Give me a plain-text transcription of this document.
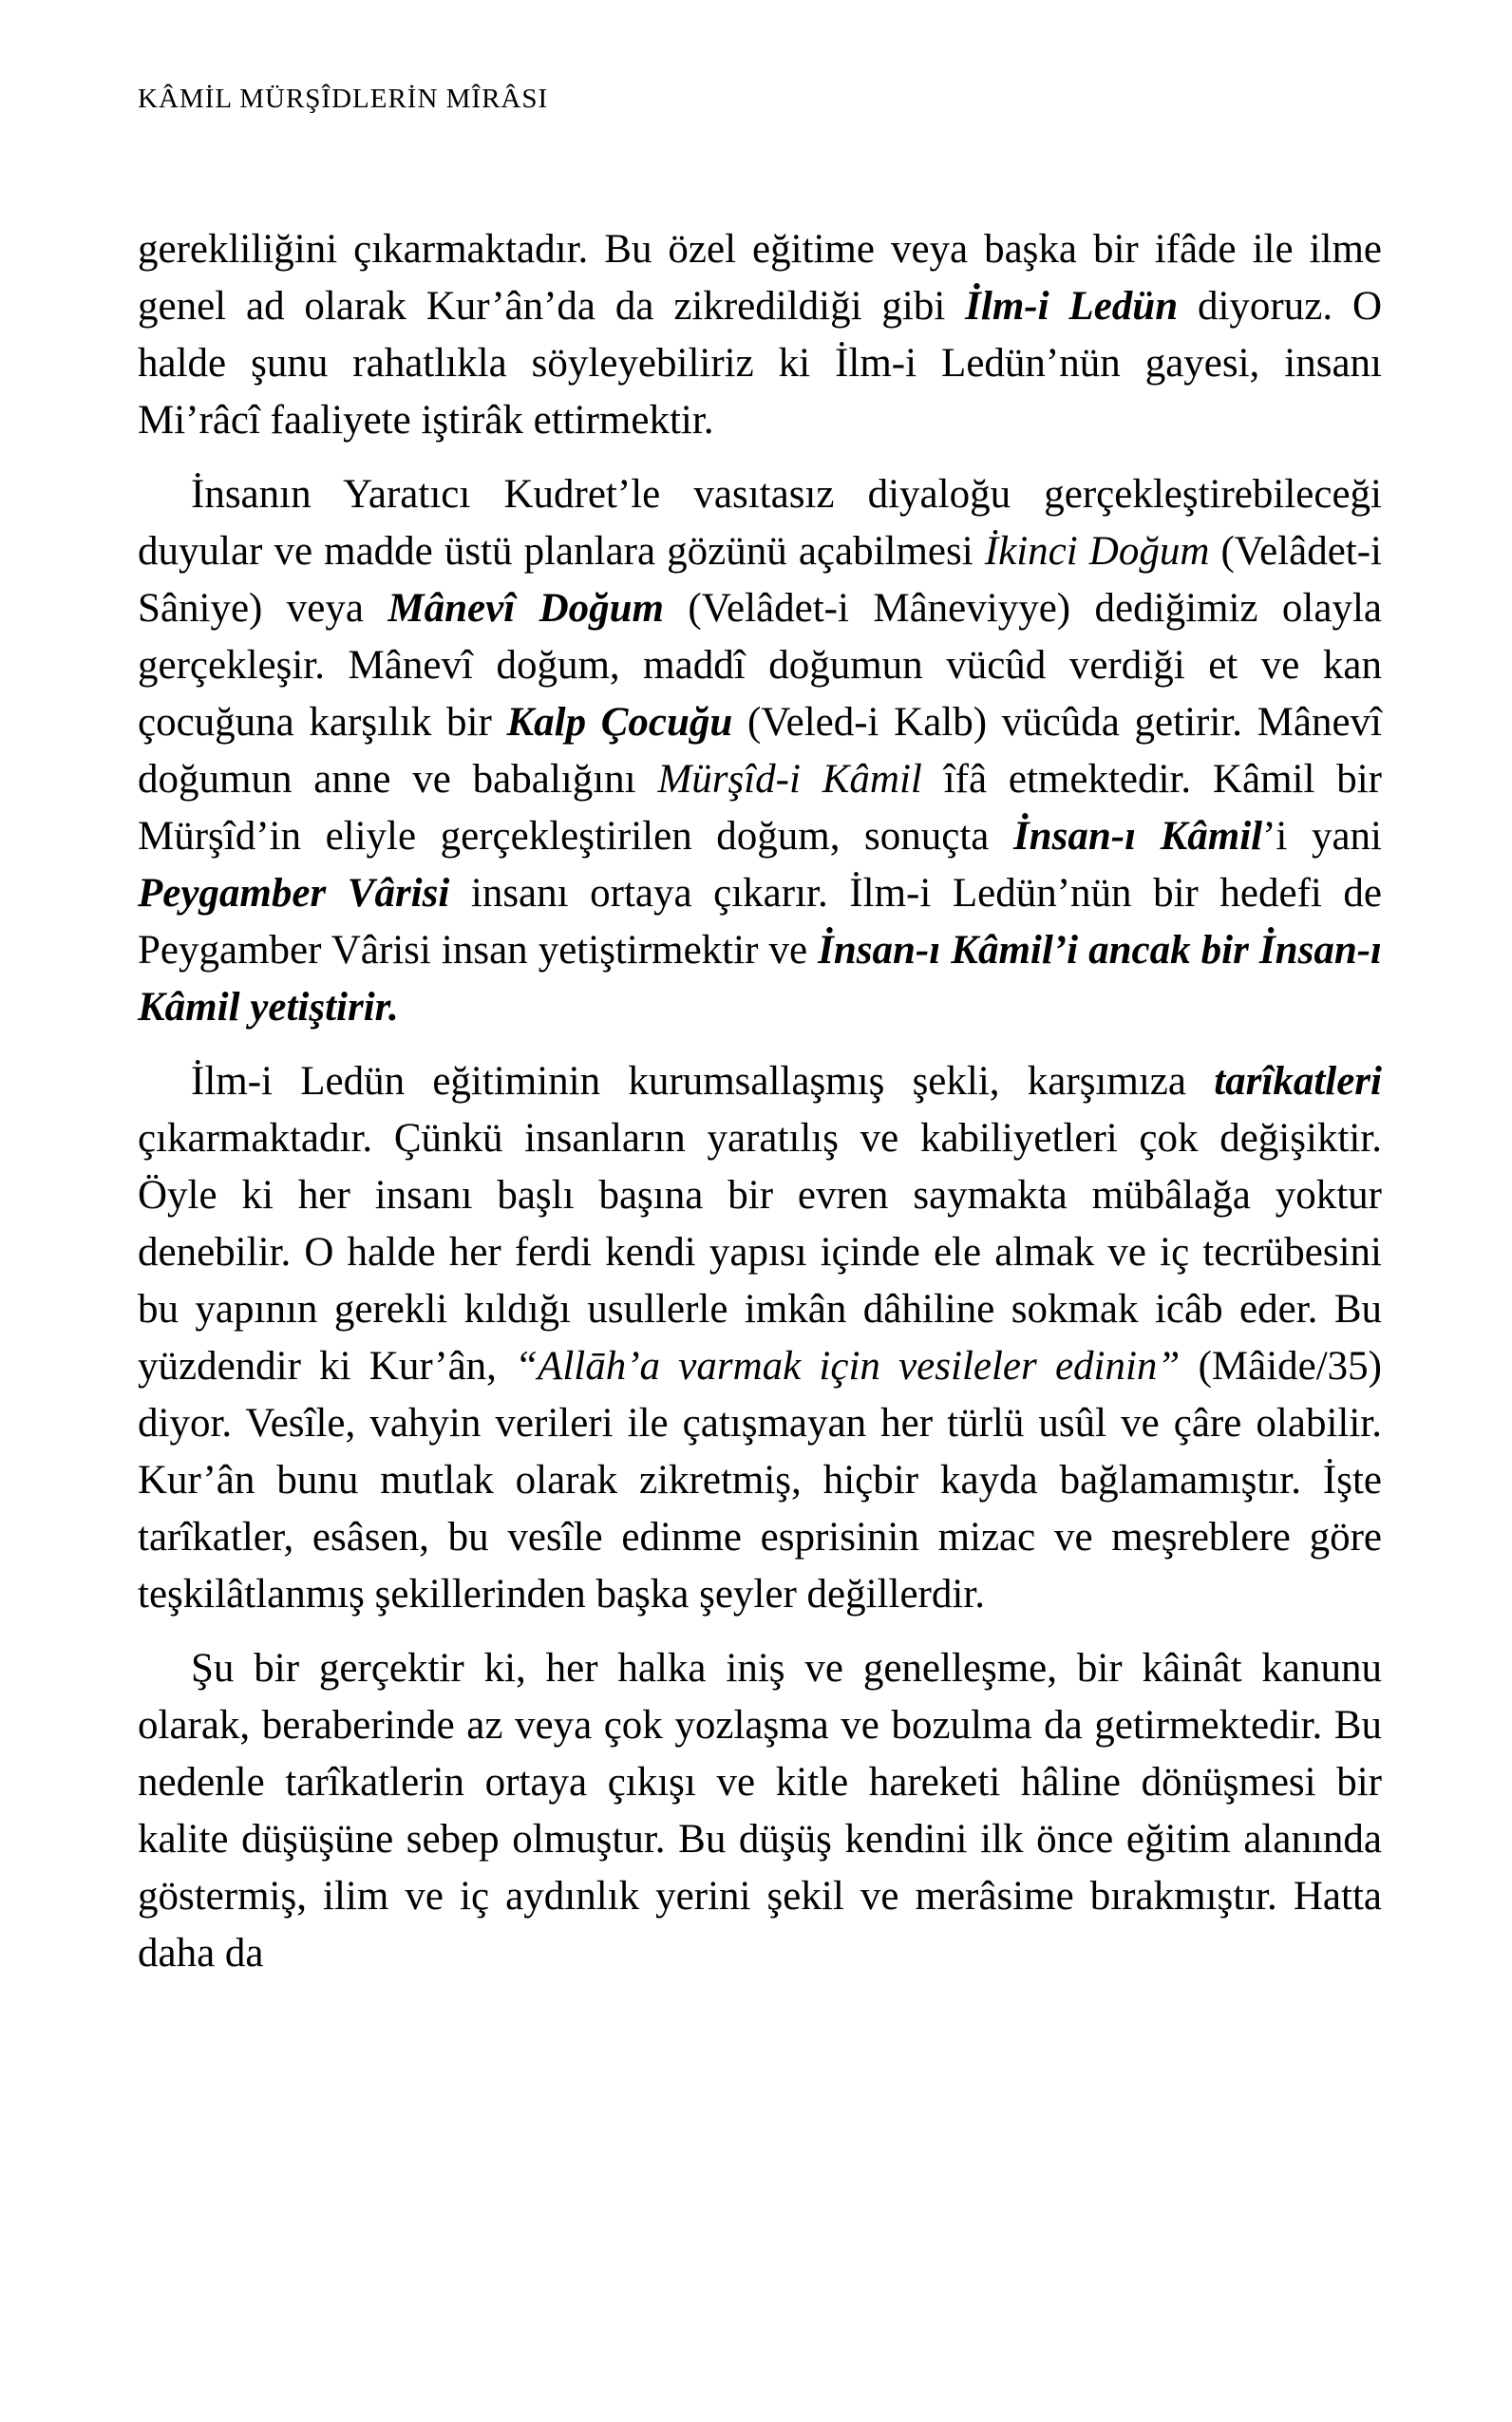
KÂMİL MÜRŞÎDLERİN MÎRÂSI

gerekliliğini çıkarmaktadır. Bu özel eğitime veya başka bir ifâde ile ilme genel ad olarak Kur’ân’da da zikredildiği gibi İlm-i Ledün diyoruz. O halde şunu rahatlıkla söyleyebiliriz ki İlm-i Ledün’nün gayesi, insanı Mi’râcî faaliyete iştirâk ettirmektir.

İnsanın Yaratıcı Kudret’le vasıtasız diyaloğu gerçekleştirebileceği duyular ve madde üstü planlara gözünü açabilmesi İkinci Doğum (Velâdet-i Sâniye) veya Mânevî Doğum (Velâdet-i Mâneviyye) dediğimiz olayla gerçekleşir. Mânevî doğum, maddî doğumun vücûd verdiği et ve kan çocuğuna karşılık bir Kalp Çocuğu (Veled-i Kalb) vücûda getirir. Mânevî doğumun anne ve babalığını Mürşîd-i Kâmil îfâ etmektedir. Kâmil bir Mürşîd’in eliyle gerçekleştirilen doğum, sonuçta İnsan-ı Kâmil’i yani Peygamber Vârisi insanı ortaya çıkarır. İlm-i Ledün’nün bir hedefi de Peygamber Vârisi insan yetiştirmektir ve İnsan-ı Kâmil’i ancak bir İnsan-ı Kâmil yetiştirir.

İlm-i Ledün eğitiminin kurumsallaşmış şekli, karşımıza tarîkatleri çıkarmaktadır. Çünkü insanların yaratılış ve kabiliyetleri çok değişiktir. Öyle ki her insanı başlı başına bir evren saymakta mübâlağa yoktur denebilir. O halde her ferdi kendi yapısı içinde ele almak ve iç tecrübesini bu yapının gerekli kıldığı usullerle imkân dâhiline sokmak icâb eder. Bu yüzdendir ki Kur’ân, “Allāh’a varmak için vesileler edinin” (Mâide/35) diyor. Vesîle, vahyin verileri ile çatışmayan her türlü usûl ve çâre olabilir. Kur’ân bunu mutlak olarak zikretmiş, hiçbir kayda bağlamamıştır. İşte tarîkatler, esâsen, bu vesîle edinme esprisinin mizac ve meşreblere göre teşkilâtlanmış şekillerinden başka şeyler değillerdir.

Şu bir gerçektir ki, her halka iniş ve genelleşme, bir kâinât kanunu olarak, beraberinde az veya çok yozlaşma ve bozulma da getirmektedir. Bu nedenle tarîkatlerin ortaya çıkışı ve kitle hareketi hâline dönüşmesi bir kalite düşüşüne sebep olmuştur. Bu düşüş kendini ilk önce eğitim alanında göstermiş, ilim ve iç aydınlık yerini şekil ve merâsime bırakmıştır. Hatta daha da
